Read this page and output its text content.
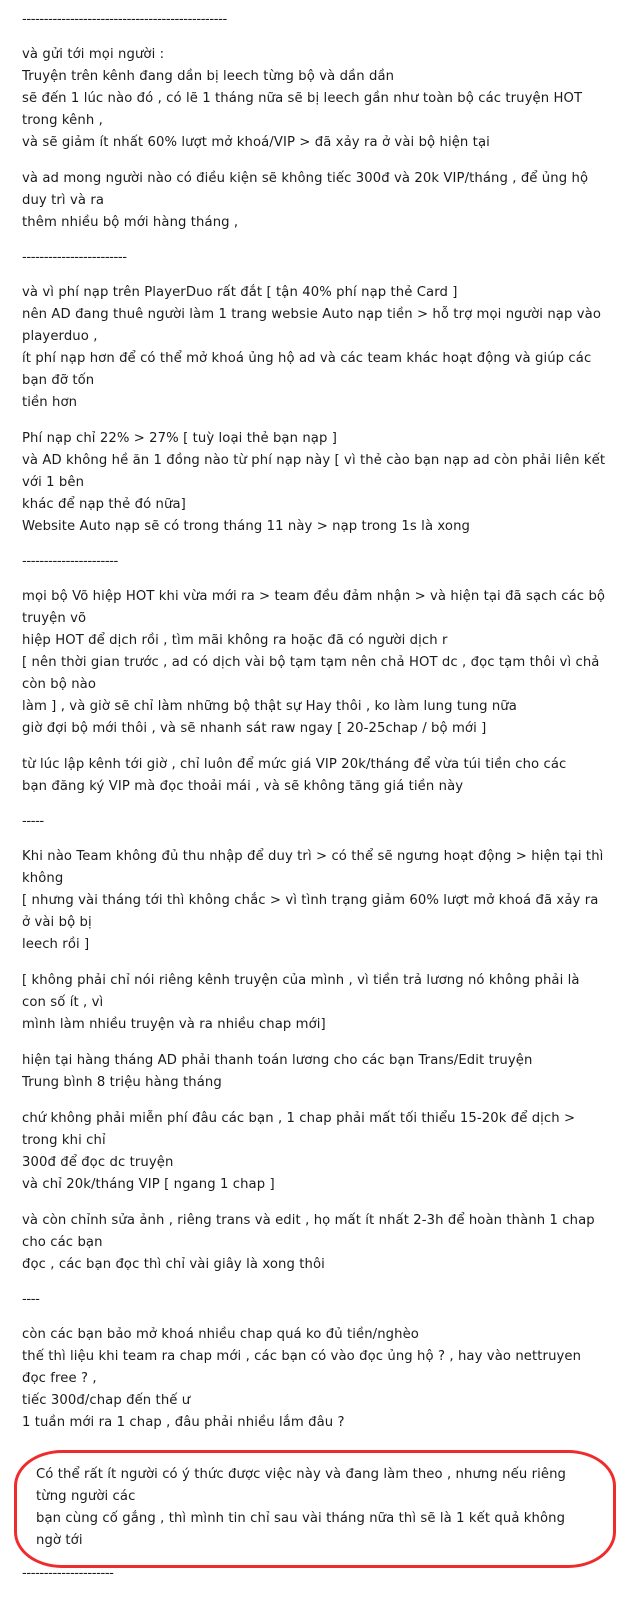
-----------------------------------------------
và gửi tới mọi người :
Truyện trên kênh đang dần bị leech từng bộ và dần dần
sẽ đến 1 lúc nào đó , có lẽ 1 tháng nữa sẽ bị leech gần như toàn bộ các truyện HOT trong kênh ,
và sẽ giảm ít nhất 60% lượt mở khoá/VIP > đã xảy ra ở vài bộ hiện tại
và ad mong người nào có điều kiện sẽ không tiếc 300đ và 20k VIP/tháng , để ủng hộ duy trì và ra
thêm nhiều bộ mới hàng tháng ,
------------------------
và vì phí nạp trên PlayerDuo rất đắt [ tận 40% phí nạp thẻ Card ]
nên AD đang thuê người làm 1 trang websie Auto nạp tiền > hỗ trợ mọi người nạp vào playerduo ,
ít phí nạp hơn để có thể mở khoá ủng hộ ad và các team khác hoạt động và giúp các bạn đỡ tốn
tiền hơn
Phí nạp chỉ 22% > 27% [ tuỳ loại thẻ bạn nạp ]
và AD không hề ăn 1 đồng nào từ phí nạp này [ vì thẻ cào bạn nạp ad còn phải liên kết với 1 bên
khác để nạp thẻ đó nữa]
Website Auto nạp sẽ có trong tháng 11 này > nạp trong 1s là xong
----------------------
mọi bộ Võ hiệp HOT khi vừa mới ra > team đều đảm nhận > và hiện tại đã sạch các bộ truyện võ
hiệp HOT để dịch rồi , tìm mãi không ra hoặc đã có người dịch r
[ nên thời gian trước , ad có dịch vài bộ tạm tạm nên chả HOT dc , đọc tạm thôi vì chả còn bộ nào
làm ] , và giờ sẽ chỉ làm những bộ thật sự Hay thôi , ko làm lung tung nữa
giờ đợi bộ mới thôi , và sẽ nhanh sát raw ngay [ 20-25chap / bộ mới ]
từ lúc lập kênh tới giờ , chỉ luôn để mức giá VIP 20k/tháng để vừa túi tiền cho các
bạn đăng ký VIP mà đọc thoải mái , và sẽ không tăng giá tiền này
-----
Khi nào Team không đủ thu nhập để duy trì > có thể sẽ ngưng hoạt động > hiện tại thì không
[ nhưng vài tháng tới thì không chắc > vì tình trạng giảm 60% lượt mở khoá đã xảy ra ở vài bộ bị
leech rồi ]
[ không phải chỉ nói riêng kênh truyện của mình , vì tiền trả lương nó không phải là con số ít , vì
mình làm nhiều truyện và ra nhiều chap mới]
hiện tại hàng tháng AD phải thanh toán lương cho các bạn Trans/Edit truyện
Trung bình 8 triệu hàng tháng
chứ không phải miễn phí đâu các bạn , 1 chap phải mất tối thiểu 15-20k để dịch > trong khi chỉ
300đ để đọc dc truyện
và chỉ 20k/tháng VIP [ ngang 1 chap ]
và còn chỉnh sửa ảnh , riêng trans và edit , họ mất ít nhất 2-3h để hoàn thành 1 chap cho các bạn
đọc , các bạn đọc thì chỉ vài giây là xong thôi
----
còn các bạn bảo mở khoá nhiều chap quá ko đủ tiền/nghèo
thế thì liệu khi team ra chap mới , các bạn có vào đọc ủng hộ ? , hay vào nettruyen đọc free ? ,
tiếc 300đ/chap đến thế ư
1 tuần mới ra 1 chap , đâu phải nhiều lắm đâu ?
Có thể rất ít người có ý thức được việc này và đang làm theo , nhưng nếu riêng từng người các
bạn cùng cố gắng , thì mình tin chỉ sau vài tháng nữa thì sẽ là 1 kết quả không ngờ tới
---------------------
